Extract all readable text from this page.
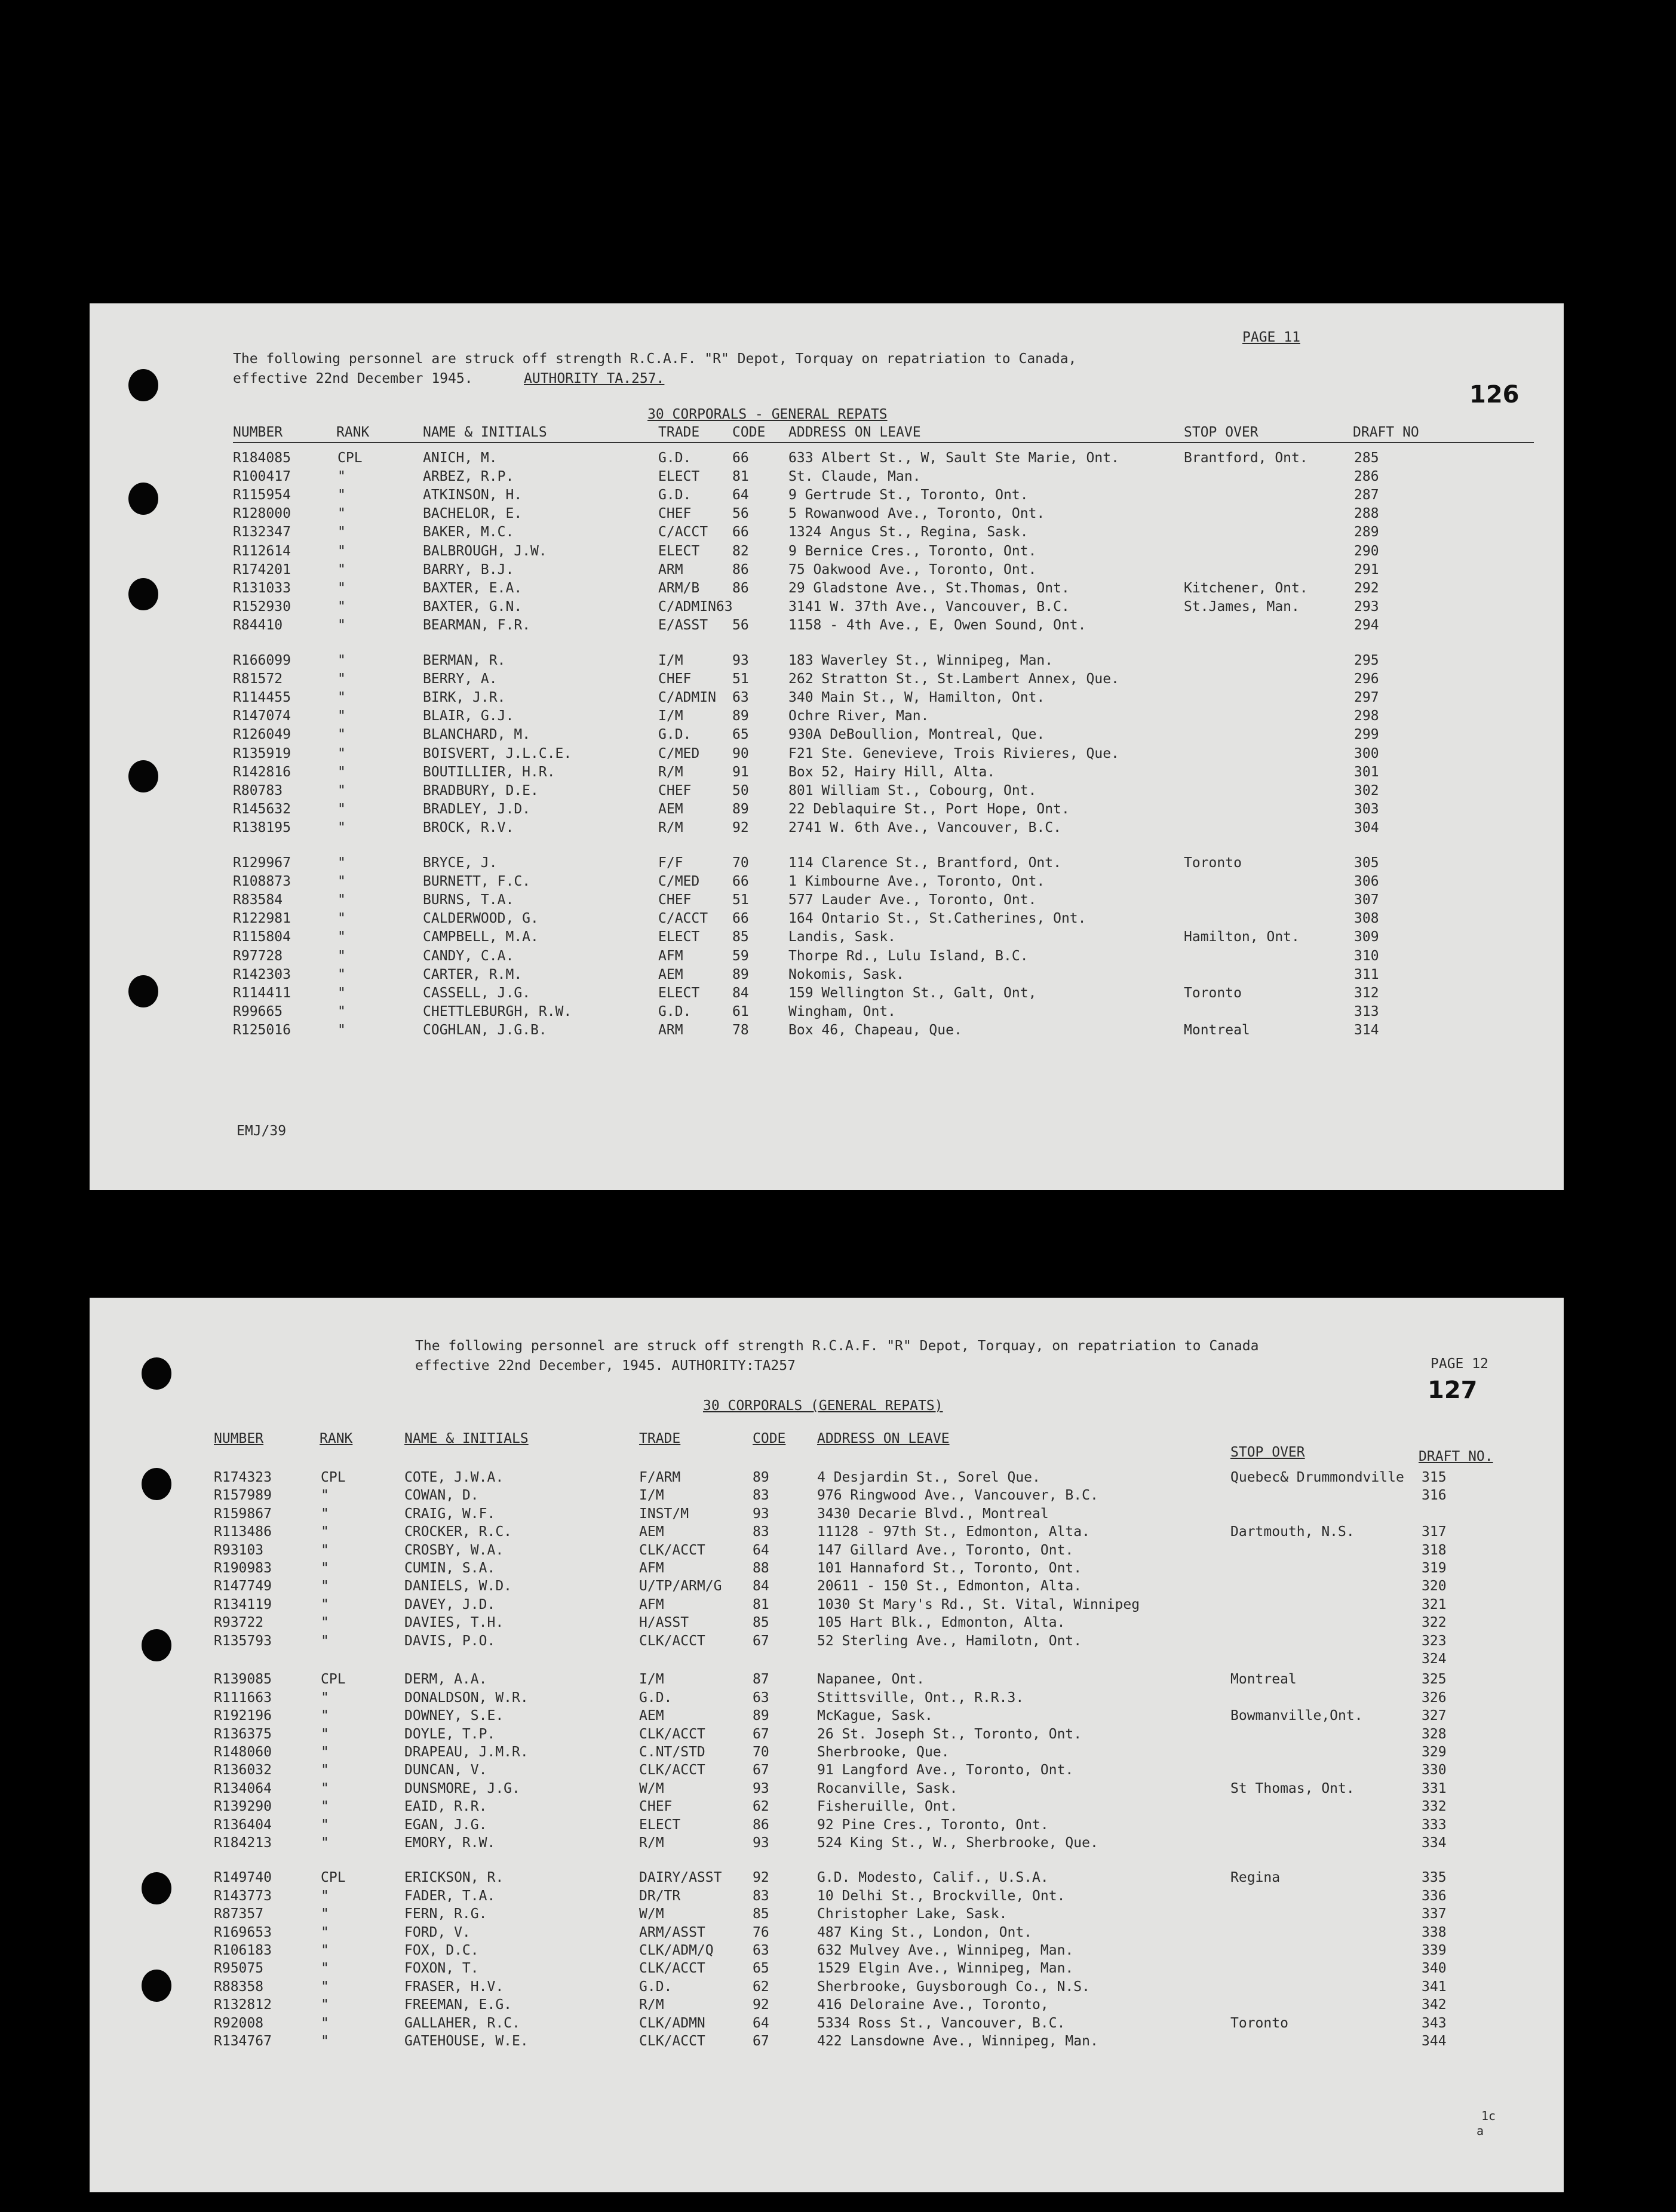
PAGE 11
The following personnel are struck off strength R.C.A.F. "R" Depot, Torquay on repatriation to Canada,
effective 22nd December 1945.	AUTHORITY TA.257.
126
30 CORPORALS - GENERAL REPATS
NUMBER	RANK	NAME & INITIALS	TRADE CODE ADDRESS ON LEAVE	STOP OVER	DRAFT NO
R184085	CPL	ANICH, M.	G.D.	66	633 Albert St., W, Sault Ste Marie, Ont.	Brantford, Ont.	285
R100417	"	ARBEZ, R.P.	ELECT 81	St. Claude, Man.	286
R115954	"	ATKINSON, H.	G.D.	64	9 Gertrude St., Toronto, Ont.	287
R128000	"	BACHELOR, E.	CHEF	56	5 Rowanwood Ave., Toronto, Ont.	288
R132347	"	BAKER, M.C.	C/ACCT 66	1324 Angus St., Regina, Sask.	289
R112614	"	BALBROUGH, J.W.	ELECT 82	9 Bernice Cres., Toronto, Ont.	290
R174201	"	BARRY, B.J.	ARM	86	75 Oakwood Ave., Toronto, Ont.	291
R131033	"	BAXTER, E.A.	ARM/B 86	29 Gladstone Ave., St.Thomas, Ont.	Kitchener, Ont.	292
R152930	"	BAXTER, G.N.	C/ADMIN63	3141 W. 37th Ave., Vancouver, B.C.	St.James, Man.	293
R84410	"	BEARMAN, F.R.	E/ASST 56	1158 - 4th Ave., E, Owen Sound, Ont.	294
R166099	"	BERMAN, R.	I/M	93	183 Waverley St., Winnipeg, Man.	295
R81572	"	BERRY, A.	CHEF	51	262 Stratton St., St.Lambert Annex, Que.	296
R114455	"	BIRK, J.R.	C/ADMIN 63	340 Main St., W, Hamilton, Ont.	297
R147074	"	BLAIR, G.J.	I/M	89	Ochre River, Man.	298
R126049	"	BLANCHARD, M.	G.D.	65	930A DeBoullion, Montreal, Que.	299
R135919	"	BOISVERT, J.L.C.E.	C/MED 90	F21 Ste. Genevieve, Trois Rivieres, Que.	300
R142816	"	BOUTILLIER, H.R.	R/M	91	Box 52, Hairy Hill, Alta.	301
R80783	"	BRADBURY, D.E.	CHEF	50	801 William St., Cobourg, Ont.	302
R145632	"	BRADLEY, J.D.	AEM	89	22 Deblaquire St., Port Hope, Ont.	303
R138195	"	BROCK, R.V.	R/M	92	2741 W. 6th Ave., Vancouver, B.C.	304
R129967	"	BRYCE, J.	F/F	70	114 Clarence St., Brantford, Ont.	Toronto	305
R108873	"	BURNETT, F.C.	C/MED 66	1 Kimbourne Ave., Toronto, Ont.	306
R83584	"	BURNS, T.A.	CHEF	51	577 Lauder Ave., Toronto, Ont.	307
R122981	"	CALDERWOOD, G.	C/ACCT 66	164 Ontario St., St.Catherines, Ont.	308
R115804	"	CAMPBELL, M.A.	ELECT 85	Landis, Sask.	Hamilton, Ont.	309
R97728	"	CANDY, C.A.	AFM	59	Thorpe Rd., Lulu Island, B.C.	310
R142303	"	CARTER, R.M.	AEM	89	Nokomis, Sask.	311
R114411	"	CASSELL, J.G.	ELECT 84	159 Wellington St., Galt, Ont,	Toronto	312
R99665	"	CHETTLEBURGH, R.W.	G.D.	61	Wingham, Ont.	313
R125016	"	COGHLAN, J.G.B.	ARM	78	Box 46, Chapeau, Que.	Montreal	314
EMJ/39
The following personnel are struck off strength R.C.A.F. "R" Depot, Torquay, on repatriation to Canada
effective 22nd December, 1945. AUTHORITY:TA257	PAGE 12
127
30 CORPORALS (GENERAL REPATS)
NUMBER	RANK	NAME & INITIALS	TRADE	CODE ADDRESS ON LEAVE
STOP OVER	DRAFT NO.
R174323	CPL	COTE, J.W.A.	F/ARM	89	4 Desjardin St., Sorel Que.	Quebec& Drummondville 315
R157989	"	COWAN, D.	I/M	83	976 Ringwood Ave., Vancouver, B.C.	316
R159867	"	CRAIG, W.F.	INST/M	93	3430 Decarie Blvd., Montreal
R113486	"	CROCKER, R.C.	AEM	83	11128 - 97th St., Edmonton, Alta.	Dartmouth, N.S.	317
R93103	"	CROSBY, W.A.	CLK/ACCT	64	147 Gillard Ave., Toronto, Ont.	318
R190983	"	CUMIN, S.A.	AFM	88	101 Hannaford St., Toronto, Ont.	319
R147749	"	DANIELS, W.D.	U/TP/ARM/G 84	20611 - 150 St., Edmonton, Alta.	320
R134119	"	DAVEY, J.D.	AFM	81	1030 St Mary's Rd., St. Vital, Winnipeg	321
R93722	"	DAVIES, T.H.	H/ASST	85	105 Hart Blk., Edmonton, Alta.	322
R135793	"	DAVIS, P.O.	CLK/ACCT	67	52 Sterling Ave., Hamilotn, Ont.	323
324
R139085	CPL	DERM, A.A.	I/M	87	Napanee, Ont.	Montreal	325
R111663	"	DONALDSON, W.R.	G.D.	63	Stittsville, Ont., R.R.3.	326
R192196	"	DOWNEY, S.E.	AEM	89	McKague, Sask.	Bowmanville,Ont.	327
R136375	"	DOYLE, T.P.	CLK/ACCT	67	26 St. Joseph St., Toronto, Ont.	328
R148060	"	DRAPEAU, J.M.R.	C.NT/STD	70	Sherbrooke, Que.	329
R136032	"	DUNCAN, V.	CLK/ACCT	67	91 Langford Ave., Toronto, Ont.	330
R134064	"	DUNSMORE, J.G.	W/M	93	Rocanville, Sask.	St Thomas, Ont.	331
R139290	"	EAID, R.R.	CHEF	62	Fisheruille, Ont.	332
R136404	"	EGAN, J.G.	ELECT	86	92 Pine Cres., Toronto, Ont.	333
R184213	"	EMORY, R.W.	R/M	93	524 King St., W., Sherbrooke, Que.	334
R149740	CPL	ERICKSON, R.	DAIRY/ASST 92	G.D. Modesto, Calif., U.S.A.	Regina	335
R143773	"	FADER, T.A.	DR/TR	83	10 Delhi St., Brockville, Ont.	336
R87357	"	FERN, R.G.	W/M	85	Christopher Lake, Sask.	337
R169653	"	FORD, V.	ARM/ASST	76	487 King St., London, Ont.	338
R106183	"	FOX, D.C.	CLK/ADM/Q	63	632 Mulvey Ave., Winnipeg, Man.	339
R95075	"	FOXON, T.	CLK/ACCT	65	1529 Elgin Ave., Winnipeg, Man.	340
R88358	"	FRASER, H.V.	G.D.	62	Sherbrooke, Guysborough Co., N.S.	341
R132812	"	FREEMAN, E.G.	R/M	92	416 Deloraine Ave., Toronto,	342
R92008	"	GALLAHER, R.C.	CLK/ADMN	64	5334 Ross St., Vancouver, B.C.	Toronto	343
R134767	"	GATEHOUSE, W.E.	CLK/ACCT	67	422 Lansdowne Ave., Winnipeg, Man.	344
1c
a
